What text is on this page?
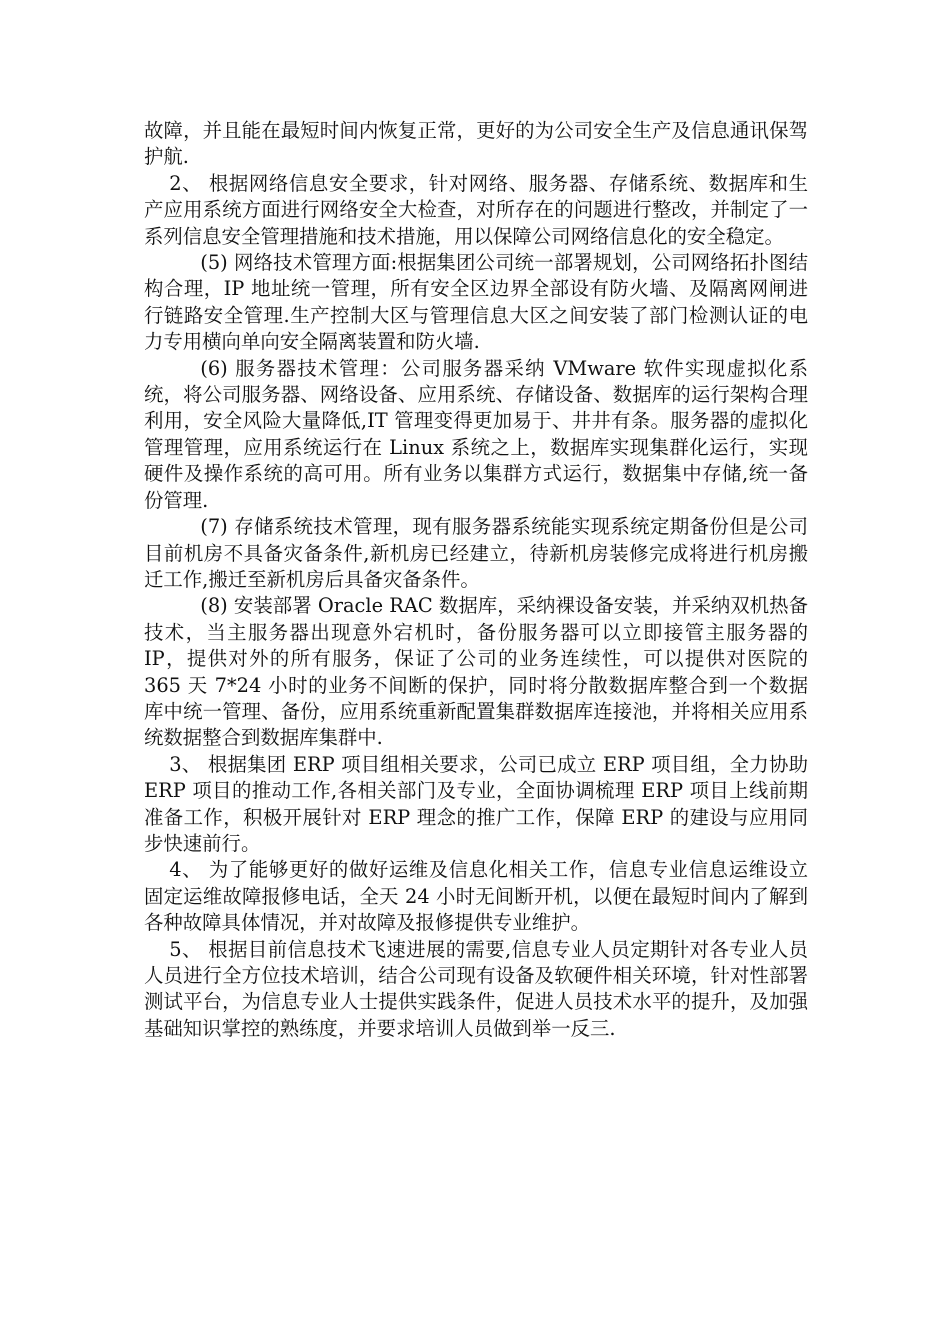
故障，并且能在最短时间内恢复正常，更好的为公司安全生产及信息通讯保驾护航.

2、 根据网络信息安全要求，针对网络、服务器、存储系统、数据库和生产应用系统方面进行网络安全大检查，对所存在的问题进行整改，并制定了一系列信息安全管理措施和技术措施，用以保障公司网络信息化的安全稳定。

(5) 网络技术管理方面:根据集团公司统一部署规划，公司网络拓扑图结构合理，IP 地址统一管理，所有安全区边界全部设有防火墙、及隔离网闸进行链路安全管理.生产控制大区与管理信息大区之间安装了部门检测认证的电力专用横向单向安全隔离装置和防火墙.

(6) 服务器技术管理：公司服务器采纳 VMware 软件实现虚拟化系统，将公司服务器、网络设备、应用系统、存储设备、数据库的运行架构合理利用，安全风险大量降低,IT 管理变得更加易于、井井有条。服务器的虚拟化管理管理，应用系统运行在 Linux 系统之上，数据库实现集群化运行，实现硬件及操作系统的高可用。所有业务以集群方式运行，数据集中存储,统一备份管理.

(7) 存储系统技术管理，现有服务器系统能实现系统定期备份但是公司目前机房不具备灾备条件,新机房已经建立，待新机房装修完成将进行机房搬迁工作,搬迁至新机房后具备灾备条件。

(8) 安装部署 Oracle RAC 数据库，采纳裸设备安装，并采纳双机热备技术，当主服务器出现意外宕机时，备份服务器可以立即接管主服务器的 IP，提供对外的所有服务，保证了公司的业务连续性，可以提供对医院的 365 天 7*24 小时的业务不间断的保护，同时将分散数据库整合到一个数据库中统一管理、备份，应用系统重新配置集群数据库连接池，并将相关应用系统数据整合到数据库集群中.

3、 根据集团 ERP 项目组相关要求，公司已成立 ERP 项目组，全力协助 ERP 项目的推动工作,各相关部门及专业，全面协调梳理 ERP 项目上线前期准备工作，积极开展针对 ERP 理念的推广工作，保障 ERP 的建设与应用同步快速前行。

4、 为了能够更好的做好运维及信息化相关工作，信息专业信息运维设立固定运维故障报修电话，全天 24 小时无间断开机，以便在最短时间内了解到各种故障具体情况，并对故障及报修提供专业维护。

5、 根据目前信息技术飞速进展的需要,信息专业人员定期针对各专业人员人员进行全方位技术培训，结合公司现有设备及软硬件相关环境，针对性部署测试平台，为信息专业人士提供实践条件，促进人员技术水平的提升，及加强基础知识掌控的熟练度，并要求培训人员做到举一反三.
